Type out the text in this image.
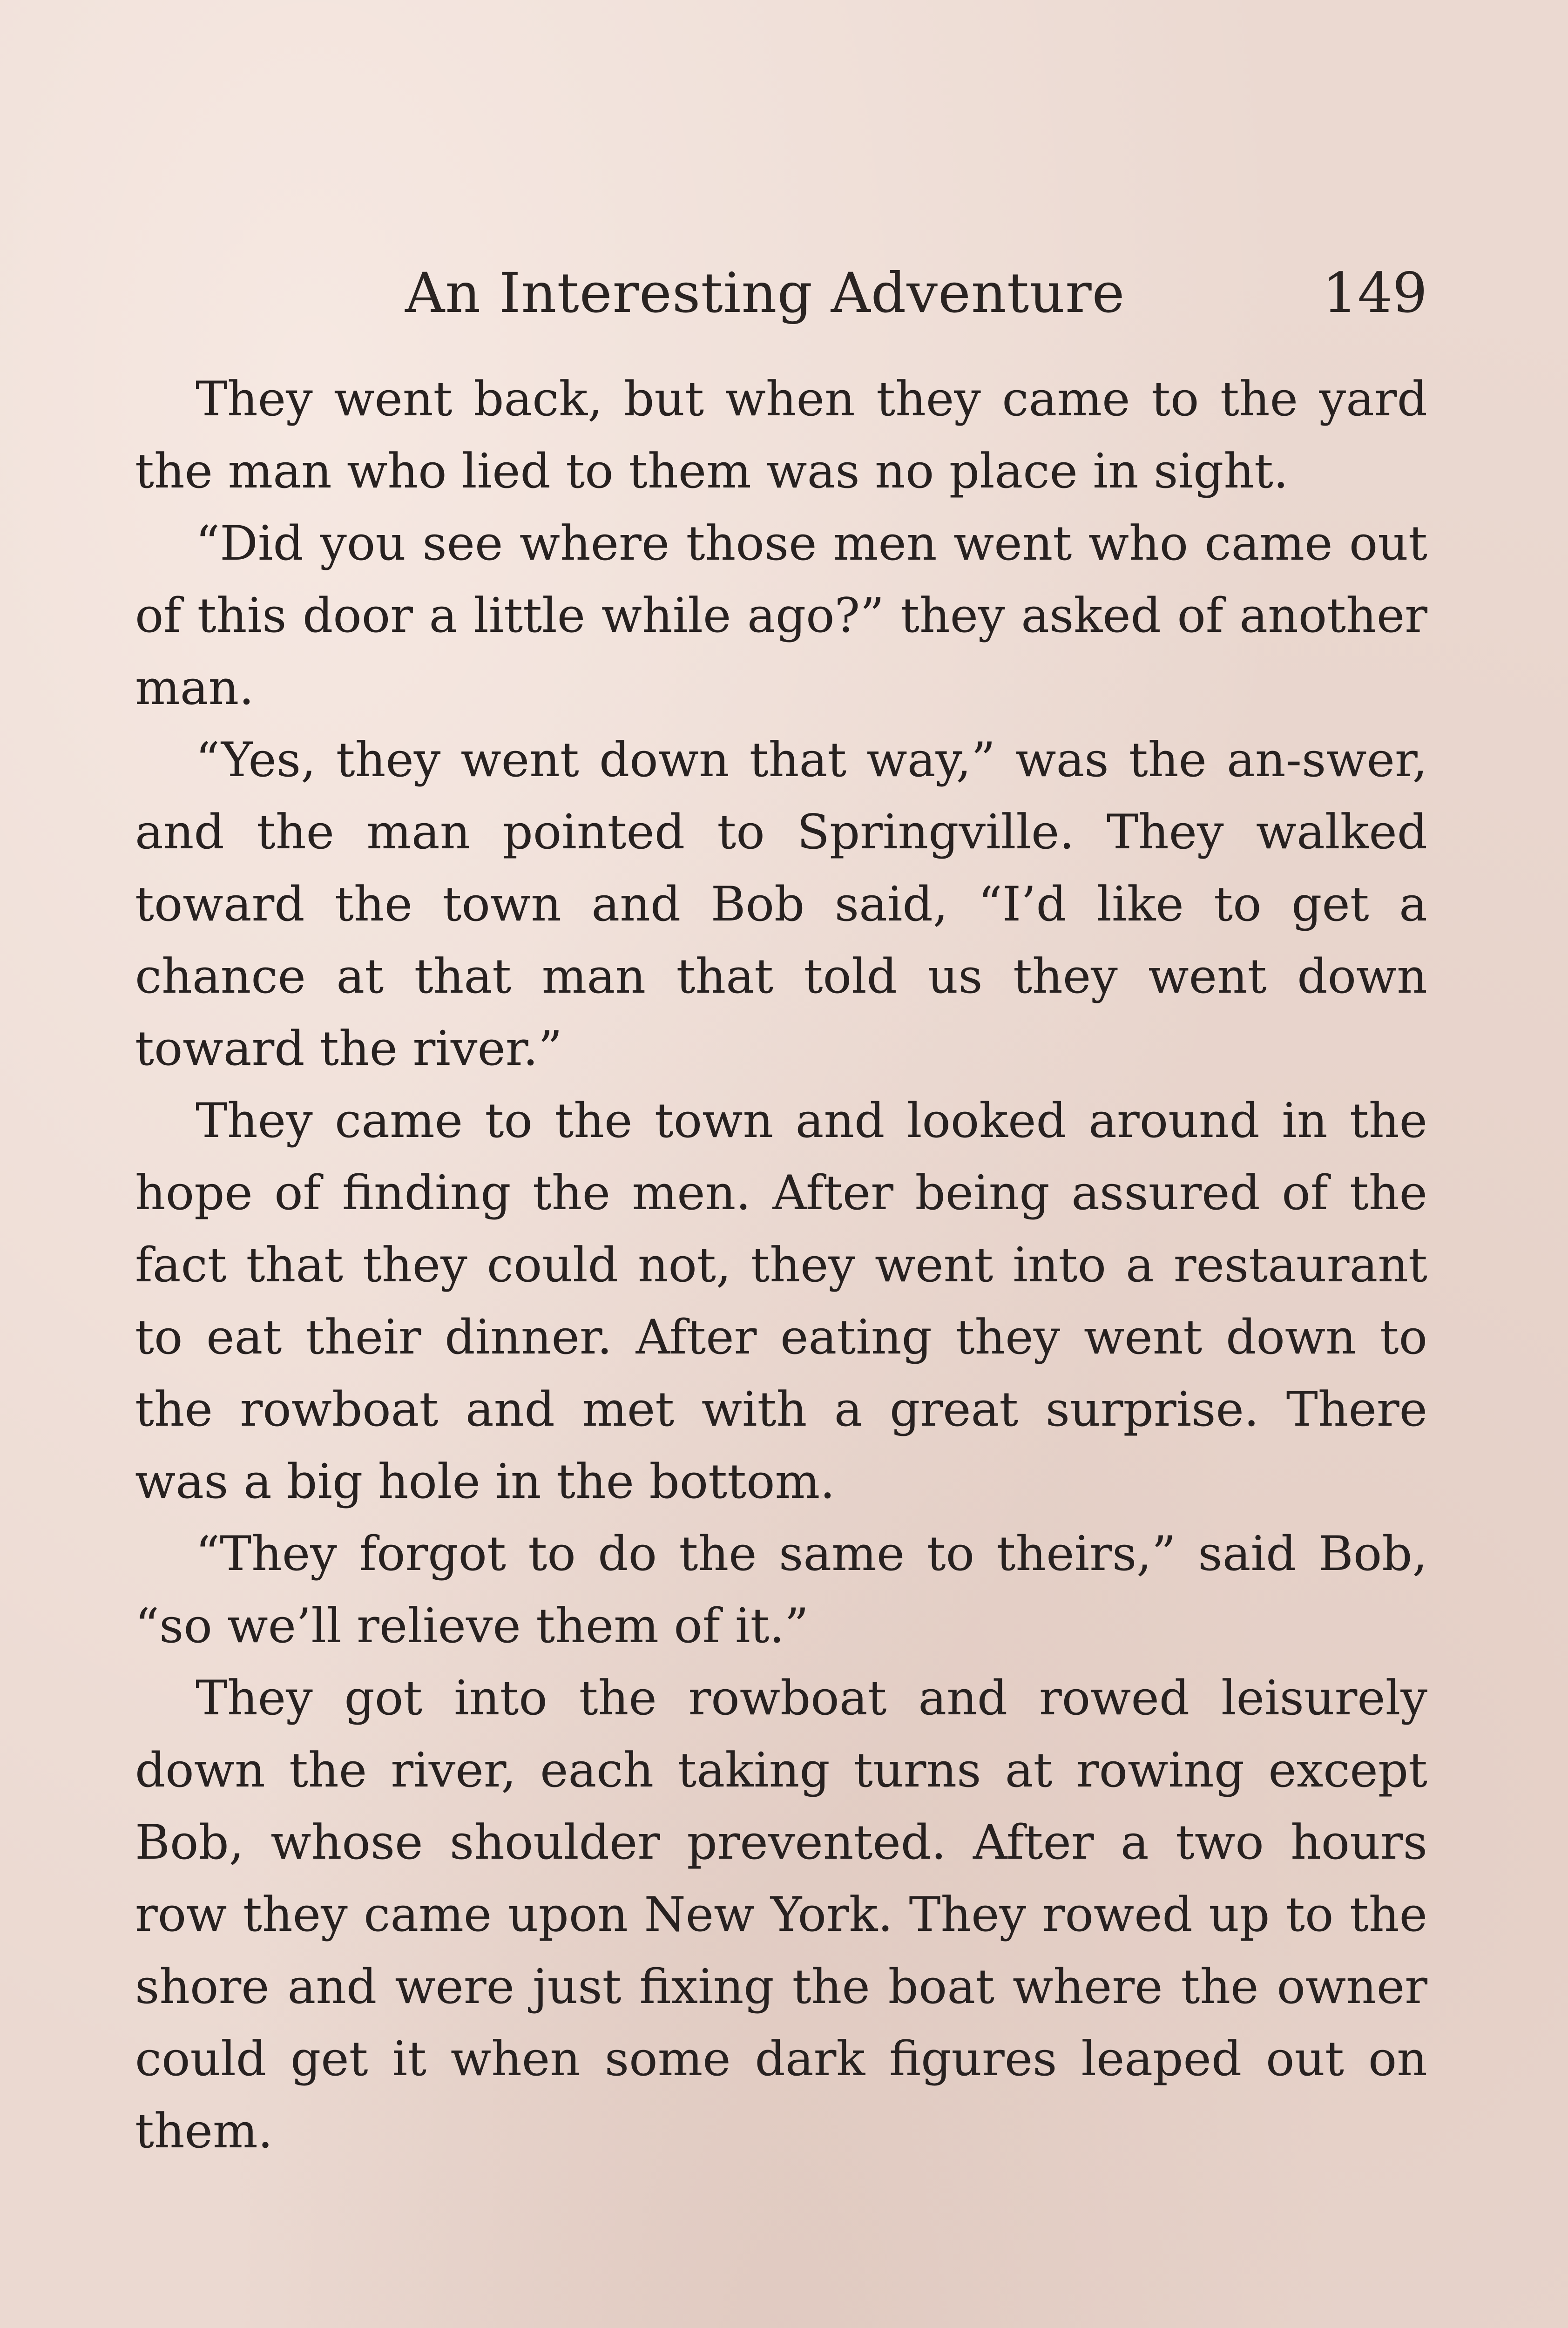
An Interesting Adventure	149

They went back, but when they came to the yard the man who lied to them was no place in sight.

“Did you see where those men went who came out of this door a little while ago?” they asked of another man.

“Yes, they went down that way,” was the an-swer, and the man pointed to Springville. They walked toward the town and Bob said, “I’d like to get a chance at that man that told us they went down toward the river.”

They came to the town and looked around in the hope of finding the men. After being assured of the fact that they could not, they went into a restaurant to eat their dinner. After eating they went down to the rowboat and met with a great surprise. There was a big hole in the bottom.

“They forgot to do the same to theirs,” said Bob, “so we’ll relieve them of it.”

They got into the rowboat and rowed leisurely down the river, each taking turns at rowing except Bob, whose shoulder prevented. After a two hours row they came upon New York. They rowed up to the shore and were just fixing the boat where the owner could get it when some dark figures leaped out on them.
